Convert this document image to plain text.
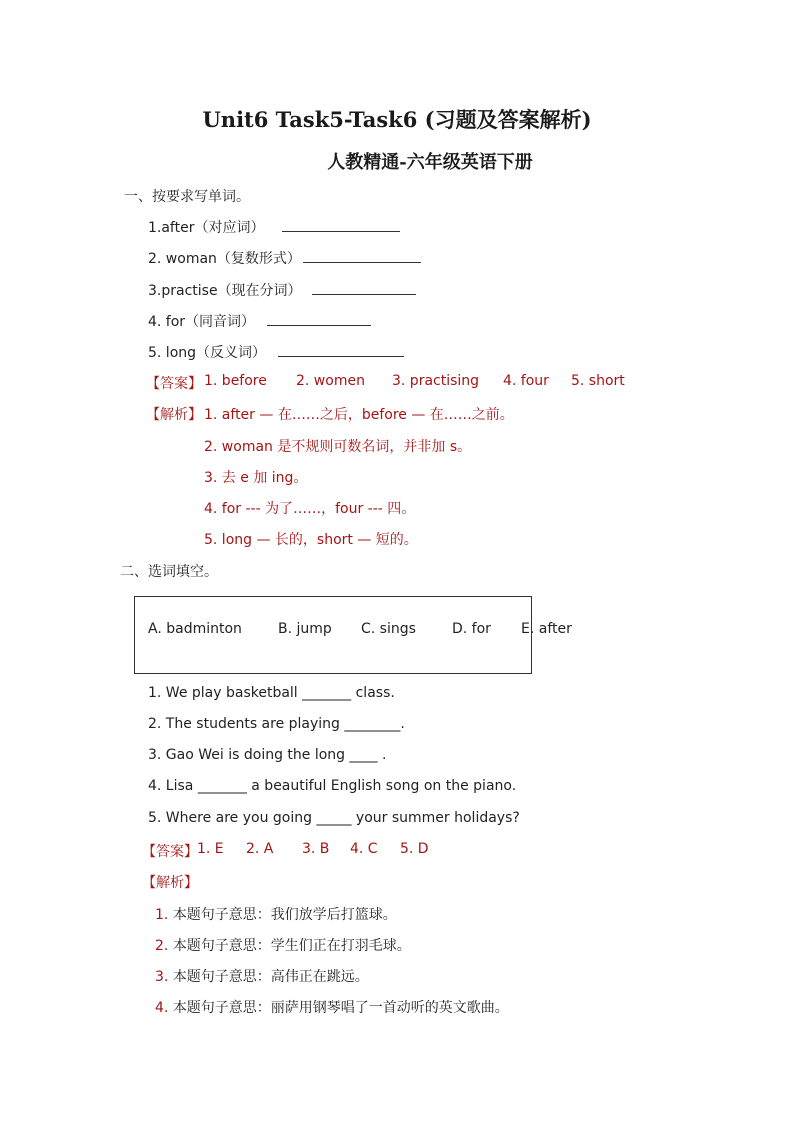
Unit6 Task5-Task6 (习题及答案解析)
人教精通-六年级英语下册
一、按要求写单词。
1.after（对应词）
2. woman（复数形式）
3.practise（现在分词）
4. for（同音词）
5. long（反义词）
【答案】 1. before 2. women 3. practising 4. four 5. short
【解析】 1. after — 在……之后，before — 在……之前。
2. woman 是不规则可数名词，并非加 s。
3. 去 e 加 ing。
4. for --- 为了……，four --- 四。
5. long — 长的，short — 短的。
二、选词填空。
A. badminton	B. jump C. sings	D. for E. after
1. We play basketball _______ class.
2. The students are playing ________.
3. Gao Wei is doing the long ____ .
4. Lisa _______ a beautiful English song on the piano.
5. Where are you going _____ your summer holidays?
【答案】 1. E 2. A 3. B 4. C 5. D
【解析】
1. 本题句子意思：我们放学后打篮球。
2. 本题句子意思：学生们正在打羽毛球。
3. 本题句子意思：高伟正在跳远。
4. 本题句子意思：丽萨用钢琴唱了一首动听的英文歌曲。
